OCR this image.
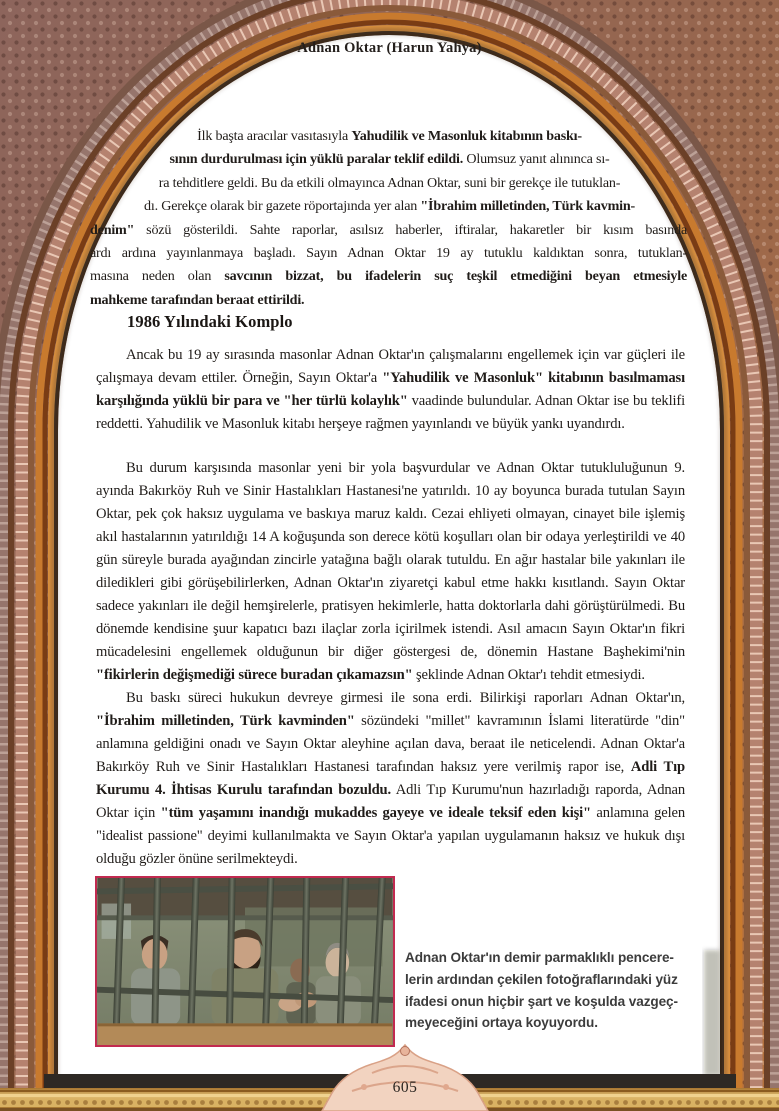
Adnan Oktar (Harun Yahya)
İlk başta aracılar vasıtasıyla Yahudilik ve Masonluk kitabının baskı-
sının durdurulması için yüklü paralar teklif edildi. Olumsuz yanıt alınınca sı-
ra tehditlere geldi. Bu da etkili olmayınca Adnan Oktar, suni bir gerekçe ile tutuklan-
dı. Gerekçe olarak bir gazete röportajında yer alan "İbrahim milletinden, Türk kavmin-
denim" sözü gösterildi. Sahte raporlar, asılsız haberler, iftiralar, hakaretler bir kısım basında
ardı ardına yayınlanmaya başladı. Sayın Adnan Oktar 19 ay tutuklu kaldıktan sonra, tutuklan-
masına neden olan savcının bizzat, bu ifadelerin suç teşkil etmediğini beyan etmesiyle
mahkeme tarafından beraat ettirildi.
1986 Yılındaki Komplo
Ancak bu 19 ay sırasında masonlar Adnan Oktar'ın çalışmalarını engellemek için var güçleri ile çalışmaya devam ettiler. Örneğin, Sayın Oktar'a "Yahudilik ve Masonluk" kitabının basılmaması karşılığında yüklü bir para ve "her türlü kolaylık" vaadinde bulundular. Adnan Oktar ise bu teklifi reddetti. Yahudilik ve Masonluk kitabı herşeye rağmen yayınlandı ve büyük yankı uyandırdı.
Bu durum karşısında masonlar yeni bir yola başvurdular ve Adnan Oktar tutukluluğunun 9. ayında Bakırköy Ruh ve Sinir Hastalıkları Hastanesi'ne yatırıldı. 10 ay boyunca burada tutulan Sayın Oktar, pek çok haksız uygulama ve baskıya maruz kaldı. Cezai ehliyeti olmayan, cinayet bile işlemiş akıl hastalarının yatırıldığı 14 A koğuşunda son derece kötü koşulları olan bir odaya yerleştirildi ve 40 gün süreyle burada ayağından zincirle yatağına bağlı olarak tutuldu. En ağır hastalar bile yakınları ile diledikleri gibi görüşebilirlerken, Adnan Oktar'ın ziyaretçi kabul etme hakkı kısıtlandı. Sayın Oktar sadece yakınları ile değil hemşirelerle, pratisyen hekimlerle, hatta doktorlarla dahi görüştürülmedi. Bu dönemde kendisine şuur kapatıcı bazı ilaçlar zorla içirilmek istendi. Asıl amacın Sayın Oktar'ın fikri mücadelesini engellemek olduğunun bir diğer göstergesi de, dönemin Hastane Başhekimi'nin "fikirlerin değişmediği sürece buradan çıkamazsın" şeklinde Adnan Oktar'ı tehdit etmesiydi.
Bu baskı süreci hukukun devreye girmesi ile sona erdi. Bilirkişi raporları Adnan Oktar'ın, "İbrahim milletinden, Türk kavminden" sözündeki "millet" kavramının İslami literatürde "din" anlamına geldiğini onadı ve Sayın Oktar aleyhine açılan dava, beraat ile neticelendi. Adnan Oktar'a Bakırköy Ruh ve Sinir Hastalıkları Hastanesi tarafından haksız yere verilmiş rapor ise, Adli Tıp Kurumu 4. İhtisas Kurulu tarafından bozuldu. Adli Tıp Kurumu'nun hazırladığı raporda, Adnan Oktar için "tüm yaşamını inandığı mukaddes gayeye ve ideale teksif eden kişi" anlamına gelen "idealist passione" deyimi kullanılmakta ve Sayın Oktar'a yapılan uygulamanın haksız ve hukuk dışı olduğu gözler önüne serilmekteydi.
Adnan Oktar'ın demir parmaklıklı pencere-
lerin ardından çekilen fotoğraflarındaki yüz
ifadesi onun hiçbir şart ve koşulda vazgeç-
meyeceğini ortaya koyuyordu.
605
